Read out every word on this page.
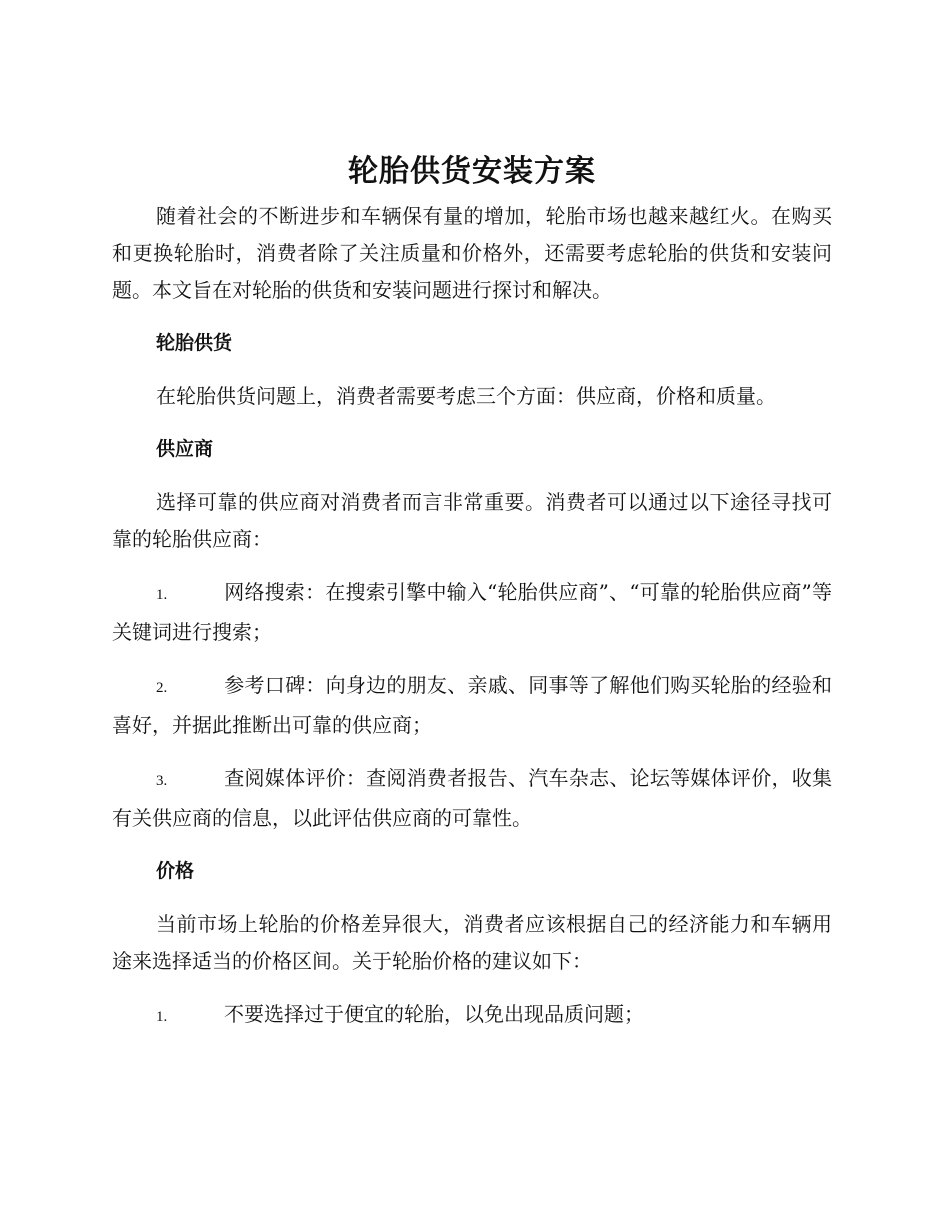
轮胎供货安装方案

随着社会的不断进步和车辆保有量的增加，轮胎市场也越来越红火。在购买和更换轮胎时，消费者除了关注质量和价格外，还需要考虑轮胎的供货和安装问题。本文旨在对轮胎的供货和安装问题进行探讨和解决。

轮胎供货

在轮胎供货问题上，消费者需要考虑三个方面：供应商，价格和质量。

供应商

选择可靠的供应商对消费者而言非常重要。消费者可以通过以下途径寻找可靠的轮胎供应商：

1.	网络搜索：在搜索引擎中输入“轮胎供应商”、“可靠的轮胎供应商”等关键词进行搜索；

2.	参考口碑：向身边的朋友、亲戚、同事等了解他们购买轮胎的经验和喜好，并据此推断出可靠的供应商；

3.	查阅媒体评价：查阅消费者报告、汽车杂志、论坛等媒体评价，收集有关供应商的信息，以此评估供应商的可靠性。

价格

当前市场上轮胎的价格差异很大，消费者应该根据自己的经济能力和车辆用途来选择适当的价格区间。关于轮胎价格的建议如下：

1.	不要选择过于便宜的轮胎，以免出现品质问题；
